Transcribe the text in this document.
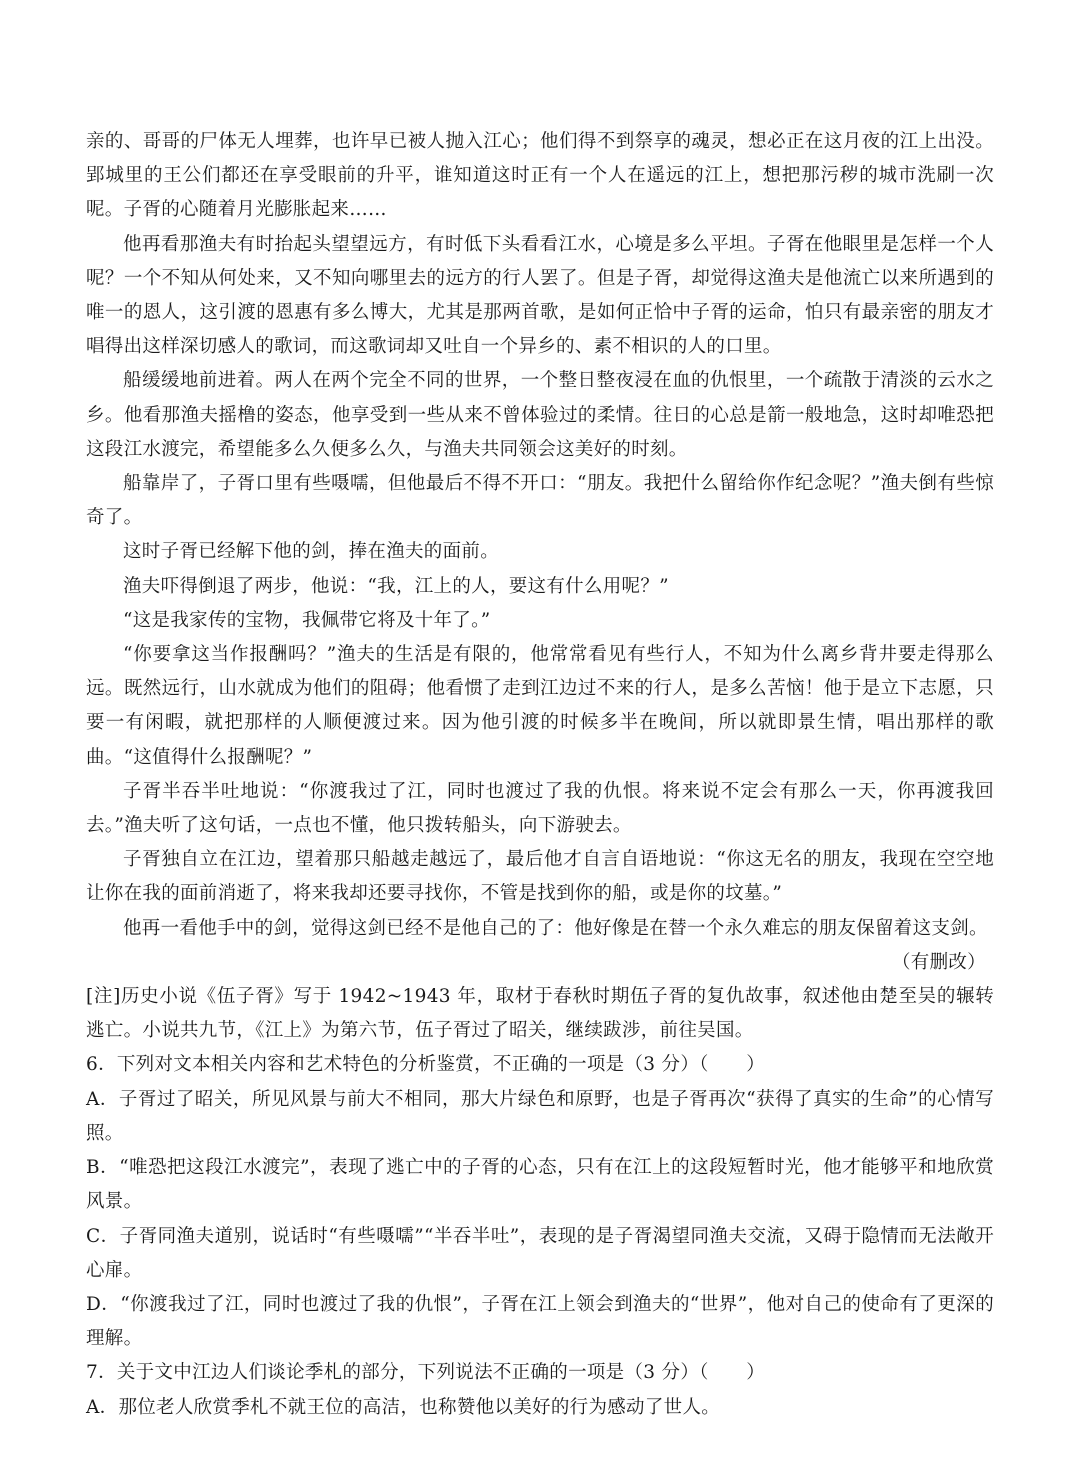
亲的、哥哥的尸体无人埋葬，也许早已被人抛入江心；他们得不到祭享的魂灵，想必正在这月夜的江上出没。郢城里的王公们都还在享受眼前的升平，谁知道这时正有一个人在遥远的江上，想把那污秽的城市洗刷一次呢。子胥的心随着月光膨胀起来……

他再看那渔夫有时抬起头望望远方，有时低下头看看江水，心境是多么平坦。子胥在他眼里是怎样一个人呢？一个不知从何处来，又不知向哪里去的远方的行人罢了。但是子胥，却觉得这渔夫是他流亡以来所遇到的唯一的恩人，这引渡的恩惠有多么博大，尤其是那两首歌，是如何正恰中子胥的运命，怕只有最亲密的朋友才唱得出这样深切感人的歌词，而这歌词却又吐自一个异乡的、素不相识的人的口里。

船缓缓地前进着。两人在两个完全不同的世界，一个整日整夜浸在血的仇恨里，一个疏散于清淡的云水之乡。他看那渔夫摇橹的姿态，他享受到一些从来不曾体验过的柔情。往日的心总是箭一般地急，这时却唯恐把这段江水渡完，希望能多么久便多么久，与渔夫共同领会这美好的时刻。

船靠岸了，子胥口里有些嗫嚅，但他最后不得不开口：“朋友。我把什么留给你作纪念呢？”渔夫倒有些惊奇了。

这时子胥已经解下他的剑，捧在渔夫的面前。

渔夫吓得倒退了两步，他说：“我，江上的人，要这有什么用呢？”

“这是我家传的宝物，我佩带它将及十年了。”

“你要拿这当作报酬吗？”渔夫的生活是有限的，他常常看见有些行人，不知为什么离乡背井要走得那么远。既然远行，山水就成为他们的阻碍；他看惯了走到江边过不来的行人，是多么苦恼！他于是立下志愿，只要一有闲暇，就把那样的人顺便渡过来。因为他引渡的时候多半在晚间，所以就即景生情，唱出那样的歌曲。“这值得什么报酬呢？”

子胥半吞半吐地说：“你渡我过了江，同时也渡过了我的仇恨。将来说不定会有那么一天，你再渡我回去。”渔夫听了这句话，一点也不懂，他只拨转船头，向下游驶去。

子胥独自立在江边，望着那只船越走越远了，最后他才自言自语地说：“你这无名的朋友，我现在空空地让你在我的面前消逝了，将来我却还要寻找你，不管是找到你的船，或是你的坟墓。”

他再一看他手中的剑，觉得这剑已经不是他自己的了：他好像是在替一个永久难忘的朋友保留着这支剑。

（有删改）

[注]历史小说《伍子胥》写于 1942~1943 年，取材于春秋时期伍子胥的复仇故事，叙述他由楚至吴的辗转逃亡。小说共九节，《江上》为第六节，伍子胥过了昭关，继续跋涉，前往吴国。

6．下列对文本相关内容和艺术特色的分析鉴赏，不正确的一项是（3 分）（　　）

A．子胥过了昭关，所见风景与前大不相同，那大片绿色和原野，也是子胥再次“获得了真实的生命”的心情写照。

B．“唯恐把这段江水渡完”，表现了逃亡中的子胥的心态，只有在江上的这段短暂时光，他才能够平和地欣赏风景。

C．子胥同渔夫道别，说话时“有些嗫嚅”“半吞半吐”，表现的是子胥渴望同渔夫交流，又碍于隐情而无法敞开心扉。

D．“你渡我过了江，同时也渡过了我的仇恨”，子胥在江上领会到渔夫的“世界”，他对自己的使命有了更深的理解。

7．关于文中江边人们谈论季札的部分，下列说法不正确的一项是（3 分）（　　）

A．那位老人欣赏季札不就王位的高洁，也称赞他以美好的行为感动了世人。
